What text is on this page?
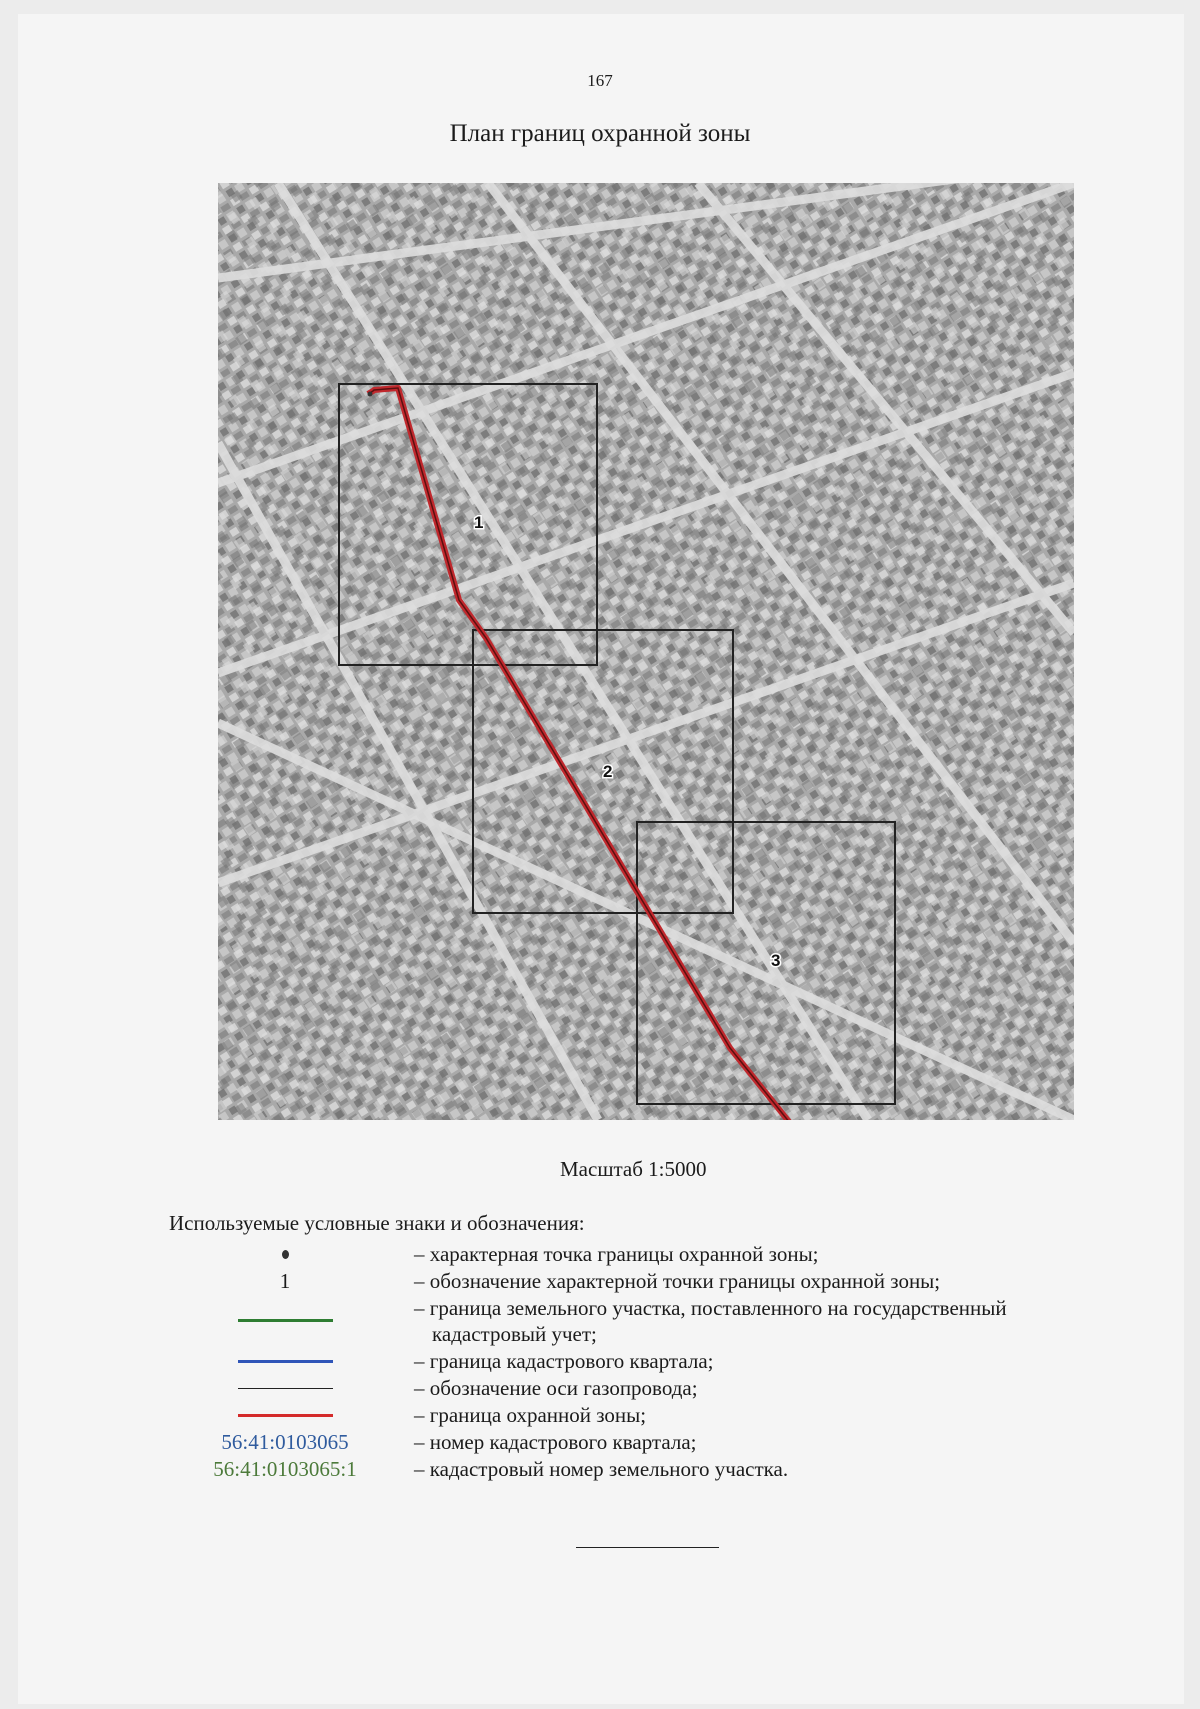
167
План границ охранной зоны
1
2
3
Масштаб 1:5000
Используемые условные знаки и обозначения:
– характерная точка границы охранной зоны;
1	– обозначение характерной точки границы охранной зоны;
– граница земельного участка, поставленного на государственный
кадастровый учет;
– граница кадастрового квартала;
– обозначение оси газопровода;
– граница охранной зоны;
56:41:0103065	– номер кадастрового квартала;
56:41:0103065:1	– кадастровый номер земельного участка.
